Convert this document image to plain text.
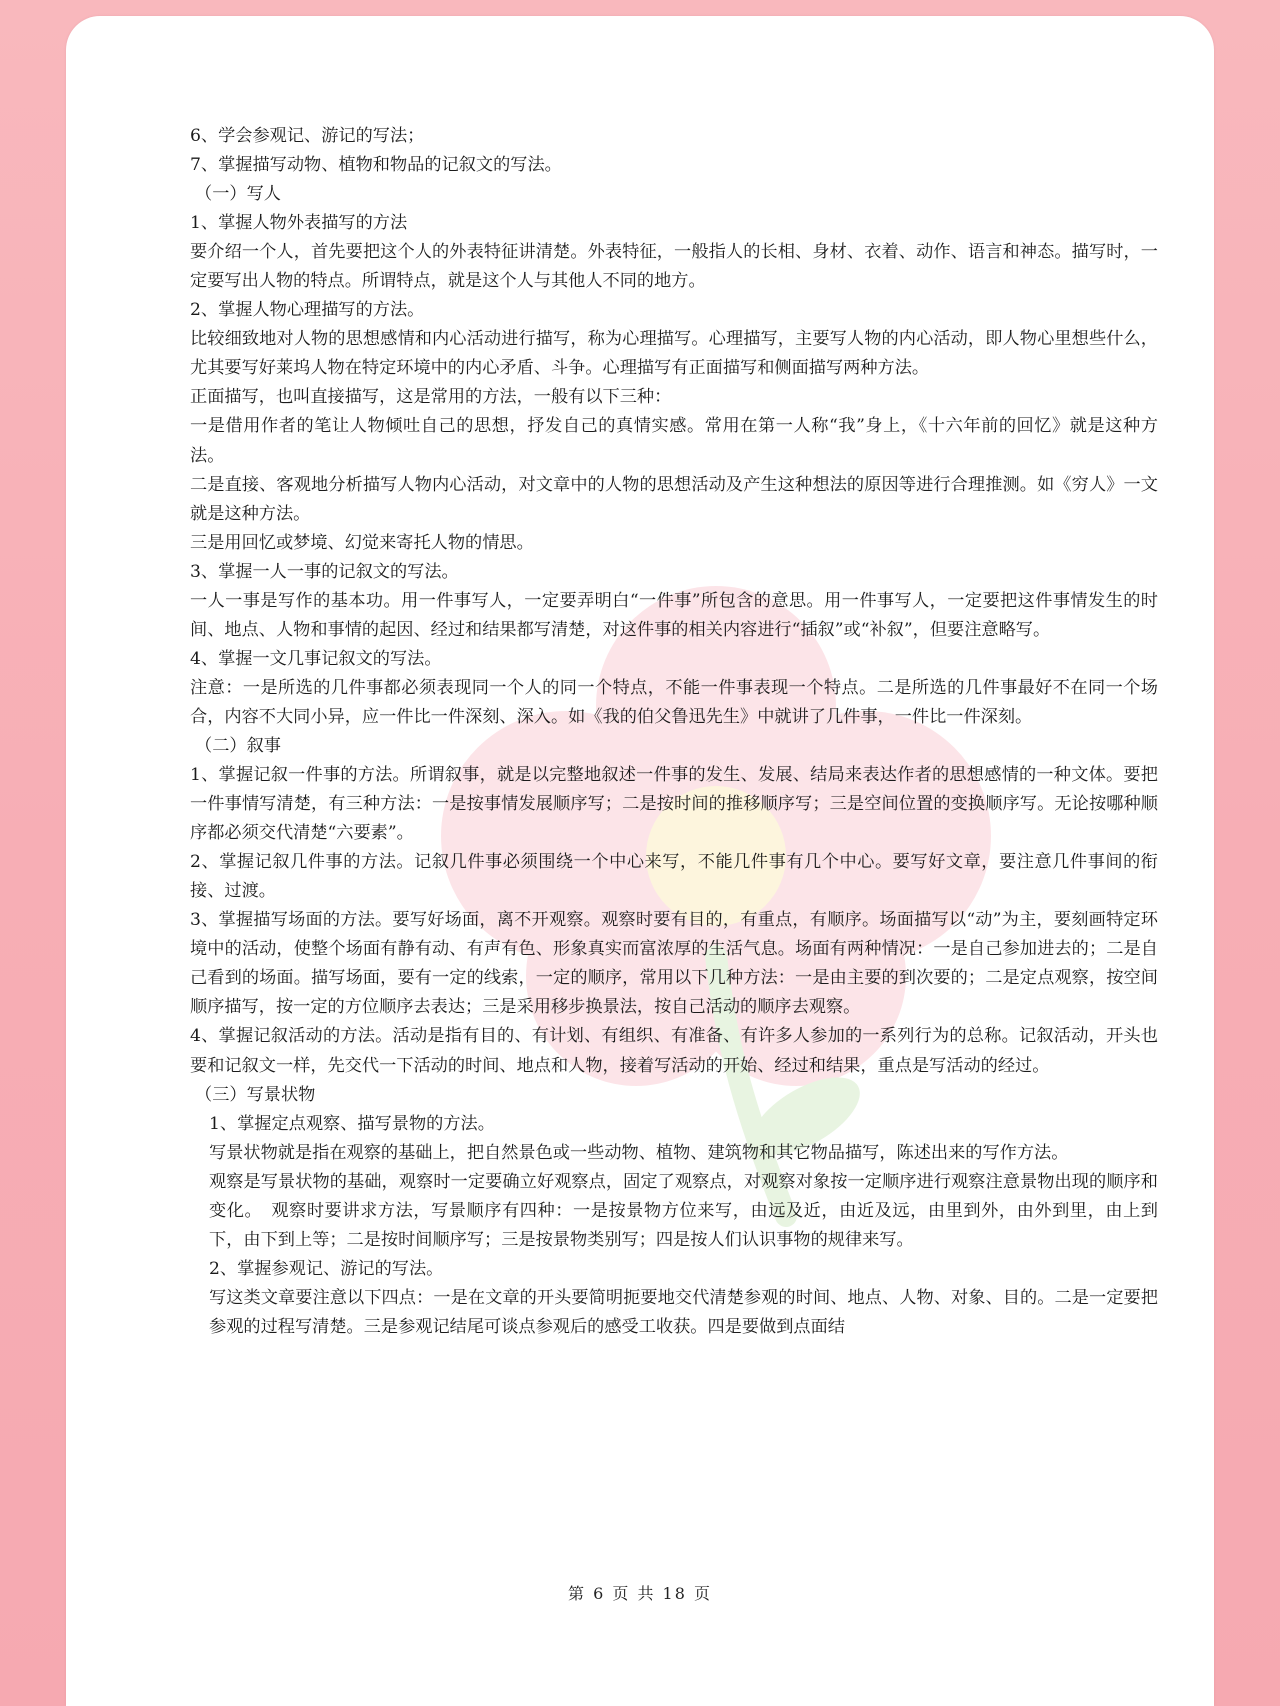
6、学会参观记、游记的写法；

7、掌握描写动物、植物和物品的记叙文的写法。

（一）写人

1、掌握人物外表描写的方法

要介绍一个人，首先要把这个人的外表特征讲清楚。外表特征，一般指人的长相、身材、衣着、动作、语言和神态。描写时，一定要写出人物的特点。所谓特点，就是这个人与其他人不同的地方。

2、掌握人物心理描写的方法。

比较细致地对人物的思想感情和内心活动进行描写，称为心理描写。心理描写，主要写人物的内心活动，即人物心里想些什么，尤其要写好莱坞人物在特定环境中的内心矛盾、斗争。心理描写有正面描写和侧面描写两种方法。

正面描写，也叫直接描写，这是常用的方法，一般有以下三种：

一是借用作者的笔让人物倾吐自己的思想，抒发自己的真情实感。常用在第一人称“我”身上，《十六年前的回忆》就是这种方法。

二是直接、客观地分析描写人物内心活动，对文章中的人物的思想活动及产生这种想法的原因等进行合理推测。如《穷人》一文就是这种方法。

三是用回忆或梦境、幻觉来寄托人物的情思。

3、掌握一人一事的记叙文的写法。

一人一事是写作的基本功。用一件事写人，一定要弄明白“一件事”所包含的意思。用一件事写人，一定要把这件事情发生的时间、地点、人物和事情的起因、经过和结果都写清楚，对这件事的相关内容进行“插叙”或“补叙”，但要注意略写。

4、掌握一文几事记叙文的写法。

注意：一是所选的几件事都必须表现同一个人的同一个特点，不能一件事表现一个特点。二是所选的几件事最好不在同一个场合，内容不大同小异，应一件比一件深刻、深入。如《我的伯父鲁迅先生》中就讲了几件事，一件比一件深刻。

（二）叙事

1、掌握记叙一件事的方法。所谓叙事，就是以完整地叙述一件事的发生、发展、结局来表达作者的思想感情的一种文体。要把一件事情写清楚，有三种方法：一是按事情发展顺序写；二是按时间的推移顺序写；三是空间位置的变换顺序写。无论按哪种顺序都必须交代清楚“六要素”。

2、掌握记叙几件事的方法。记叙几件事必须围绕一个中心来写，不能几件事有几个中心。要写好文章，要注意几件事间的衔接、过渡。

3、掌握描写场面的方法。要写好场面，离不开观察。观察时要有目的，有重点，有顺序。场面描写以“动”为主，要刻画特定环境中的活动，使整个场面有静有动、有声有色、形象真实而富浓厚的生活气息。场面有两种情况：一是自己参加进去的；二是自己看到的场面。描写场面，要有一定的线索，一定的顺序，常用以下几种方法：一是由主要的到次要的；二是定点观察，按空间顺序描写，按一定的方位顺序去表达；三是采用移步换景法，按自己活动的顺序去观察。

4、掌握记叙活动的方法。活动是指有目的、有计划、有组织、有准备、有许多人参加的一系列行为的总称。记叙活动，开头也要和记叙文一样，先交代一下活动的时间、地点和人物，接着写活动的开始、经过和结果，重点是写活动的经过。

（三）写景状物

1、掌握定点观察、描写景物的方法。

写景状物就是指在观察的基础上，把自然景色或一些动物、植物、建筑物和其它物品描写，陈述出来的写作方法。

观察是写景状物的基础，观察时一定要确立好观察点，固定了观察点，对观察对象按一定顺序进行观察注意景物出现的顺序和变化。　观察时要讲求方法，写景顺序有四种：一是按景物方位来写，由远及近，由近及远，由里到外，由外到里，由上到下，由下到上等；二是按时间顺序写；三是按景物类别写；四是按人们认识事物的规律来写。

2、掌握参观记、游记的写法。

写这类文章要注意以下四点：一是在文章的开头要简明扼要地交代清楚参观的时间、地点、人物、对象、目的。二是一定要把参观的过程写清楚。三是参观记结尾可谈点参观后的感受工收获。四是要做到点面结

第 6 页 共 18 页
